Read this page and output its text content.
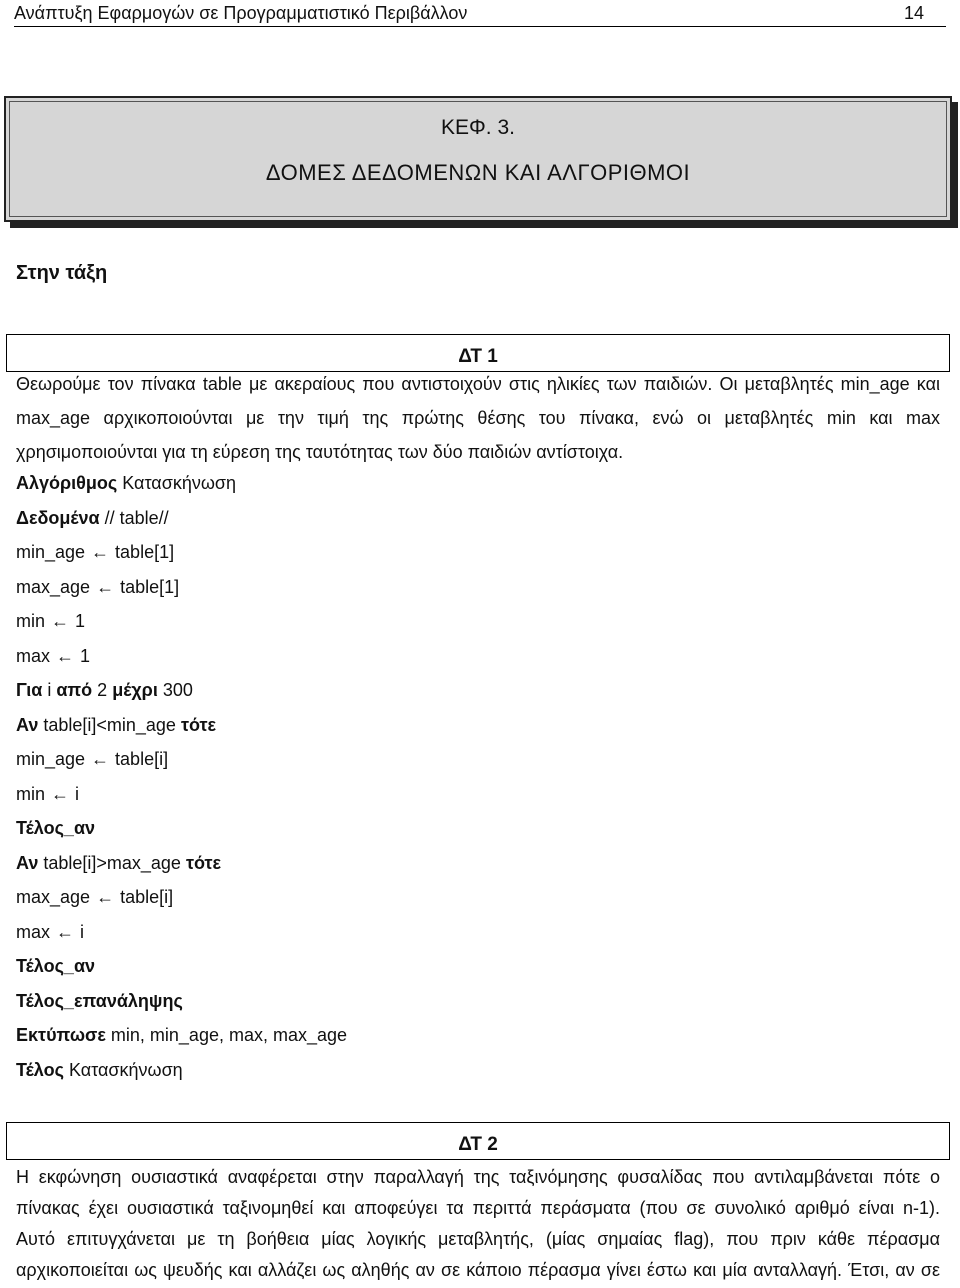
Ανάπτυξη Εφαρμογών σε Προγραμματιστικό Περιβάλλον	14
ΚΕΦ. 3.
ΔΟΜΕΣ ΔΕΔΟΜΕΝΩΝ ΚΑΙ ΑΛΓΟΡΙΘΜΟΙ
Στην τάξη
ΔΤ 1
Θεωρούμε τον πίνακα table με ακεραίους που αντιστοιχούν στις ηλικίες των παιδιών. Οι μεταβλητές min_age και
max_age αρχικοποιούνται με την τιμή της πρώτης θέσης του πίνακα, ενώ οι μεταβλητές min και max
χρησιμοποιούνται για τη εύρεση της ταυτότητας των δύο παιδιών αντίστοιχα.
Αλγόριθμος Κατασκήνωση
Δεδομένα // table//
min_age ← table[1]
max_age ← table[1]
min ← 1
max ← 1
Για i από 2 μέχρι 300
Αν table[i]<min_age τότε
min_age ← table[i]
min ← i
Τέλος_αν
Αν table[i]>max_age τότε
max_age ← table[i]
max ← i
Τέλος_αν
Τέλος_επανάληψης
Εκτύπωσε min, min_age, max, max_age
Τέλος Κατασκήνωση
ΔΤ 2
Η εκφώνηση ουσιαστικά αναφέρεται στην παραλλαγή της ταξινόμησης φυσαλίδας που αντιλαμβάνεται πότε ο
πίνακας έχει ουσιαστικά ταξινομηθεί και αποφεύγει τα περιττά περάσματα (που σε συνολικό αριθμό είναι n-1).
Αυτό επιτυγχάνεται με τη βοήθεια μίας λογικής μεταβλητής, (μίας σημαίας flag), που πριν κάθε πέρασμα
αρχικοποιείται ως ψευδής και αλλάζει ως αληθής αν σε κάποιο πέρασμα γίνει έστω και μία ανταλλαγή. Έτσι, αν σε
